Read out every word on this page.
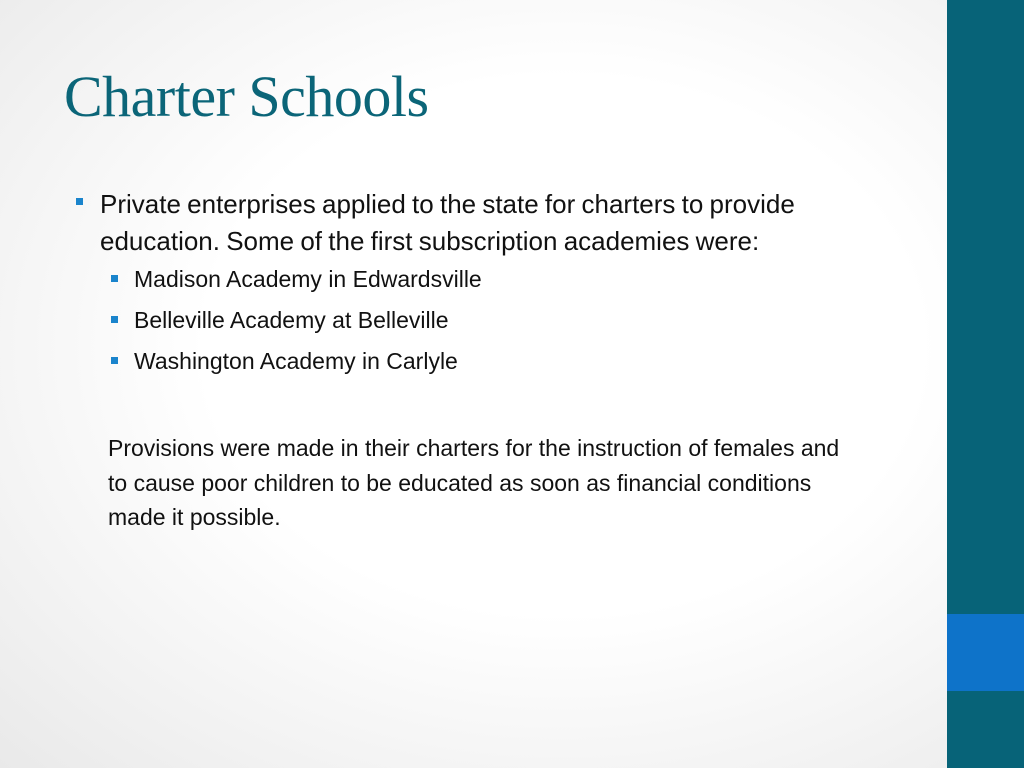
Charter Schools

Private enterprises applied to the state for charters to provide education. Some of the first subscription academies were:

Madison Academy in Edwardsville
Belleville Academy at Belleville
Washington Academy in Carlyle

Provisions were made in their charters for the instruction of females and to cause poor children to be educated as soon as financial conditions made it possible.
